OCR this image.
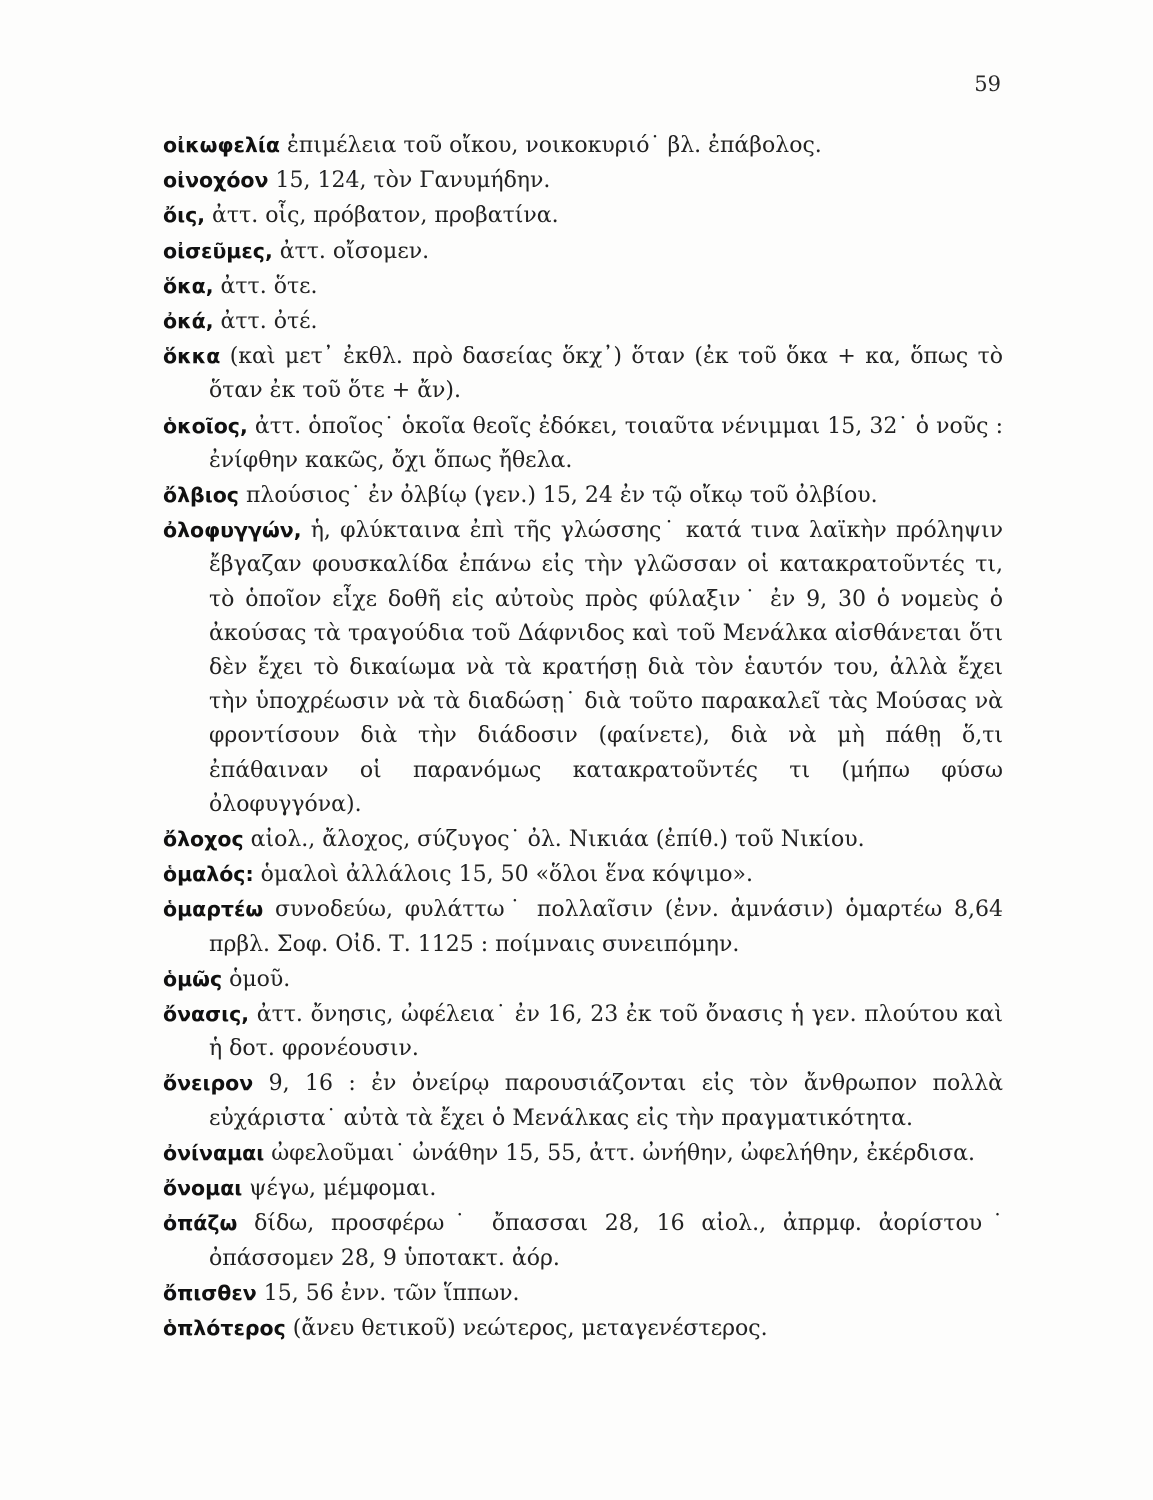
59
οἰκωφελία ἐπιμέλεια τοῦ οἴκου, νοικοκυριό˙ βλ. ἐπάβολος.
οἰνοχόον 15, 124, τὸν Γανυμήδην.
ὄις, ἀττ. οἷς, πρόβατον, προβατίνα.
οἰσεῦμες, ἀττ. οἴσομεν.
ὅκα, ἀττ. ὅτε.
ὀκά, ἀττ. ὀτέ.
ὅκκα (καὶ μετ᾿ ἐκθλ. πρὸ δασείας ὅκχ᾿) ὅταν (ἐκ τοῦ ὅκα + κα, ὅπως τὸ ὅταν ἐκ τοῦ ὅτε + ἄν).
ὁκοῖος, ἀττ. ὁποῖος˙ ὁκοῖα θεοῖς ἐδόκει, τοιαῦτα νένιμμαι 15, 32˙ ὁ νοῦς : ἐνίφθην κακῶς, ὄχι ὅπως ἤθελα.
ὄλβιος πλούσιος˙ ἐν ὀλβίῳ (γεν.) 15, 24 ἐν τῷ οἴκῳ τοῦ ὀλβίου.
ὀλοφυγγών, ἡ, φλύκταινα ἐπὶ τῆς γλώσσης˙ κατά τινα λαϊκὴν πρόληψιν ἔβγαζαν φουσκαλίδα ἐπάνω εἰς τὴν γλῶσσαν οἱ κατακρατοῦντές τι, τὸ ὁποῖον εἶχε δοθῆ εἰς αὐτοὺς πρὸς φύλαξιν˙ ἐν 9, 30 ὁ νομεὺς ὁ ἀκούσας τὰ τραγούδια τοῦ Δάφνιδος καὶ τοῦ Μενάλκα αἰσθάνεται ὅτι δὲν ἔχει τὸ δικαίωμα νὰ τὰ κρατήσῃ διὰ τὸν ἑαυτόν του, ἀλλὰ ἔχει τὴν ὑποχρέωσιν νὰ τὰ διαδώσῃ˙ διὰ τοῦτο παρακαλεῖ τὰς Μούσας νὰ φροντίσουν διὰ τὴν διάδοσιν (φαίνετε), διὰ νὰ μὴ πάθῃ ὅ,τι ἐπάθαιναν οἱ παρανόμως κατακρατοῦντές τι (μήπω φύσω ὀλοφυγγόνα).
ὄλοχος αἰολ., ἄλοχος, σύζυγος˙ ὀλ. Νικιάα (ἐπίθ.) τοῦ Νικίου.
ὁμαλός: ὁμαλοὶ ἀλλάλοις 15, 50 «ὅλοι ἕνα κόψιμο».
ὁμαρτέω συνοδεύω, φυλάττω˙ πολλαῖσιν (ἐνν. ἀμνάσιν) ὁμαρτέω 8,64 πρβλ. Σοφ. Οἰδ. Τ. 1125 : ποίμναις συνειπόμην.
ὁμῶς ὁμοῦ.
ὄνασις, ἀττ. ὄνησις, ὠφέλεια˙ ἐν 16, 23 ἐκ τοῦ ὄνασις ἡ γεν. πλούτου καὶ ἡ δοτ. φρονέουσιν.
ὄνειρον 9, 16 : ἐν ὀνείρῳ παρουσιάζονται εἰς τὸν ἄνθρωπον πολλὰ εὐχάριστα˙ αὐτὰ τὰ ἔχει ὁ Μενάλκας εἰς τὴν πραγματικότητα.
ὀνίναμαι ὠφελοῦμαι˙ ὠνάθην 15, 55, ἀττ. ὠνήθην, ὠφελήθην, ἐκέρδισα.
ὄνομαι ψέγω, μέμφομαι.
ὀπάζω δίδω, προσφέρω˙ ὄπασσαι 28, 16 αἰολ., ἀπρμφ. ἀορίστου˙ ὀπάσσομεν 28, 9 ὑποτακτ. ἀόρ.
ὄπισθεν 15, 56 ἐνν. τῶν ἵππων.
ὁπλότερος (ἄνευ θετικοῦ) νεώτερος, μεταγενέστερος.
